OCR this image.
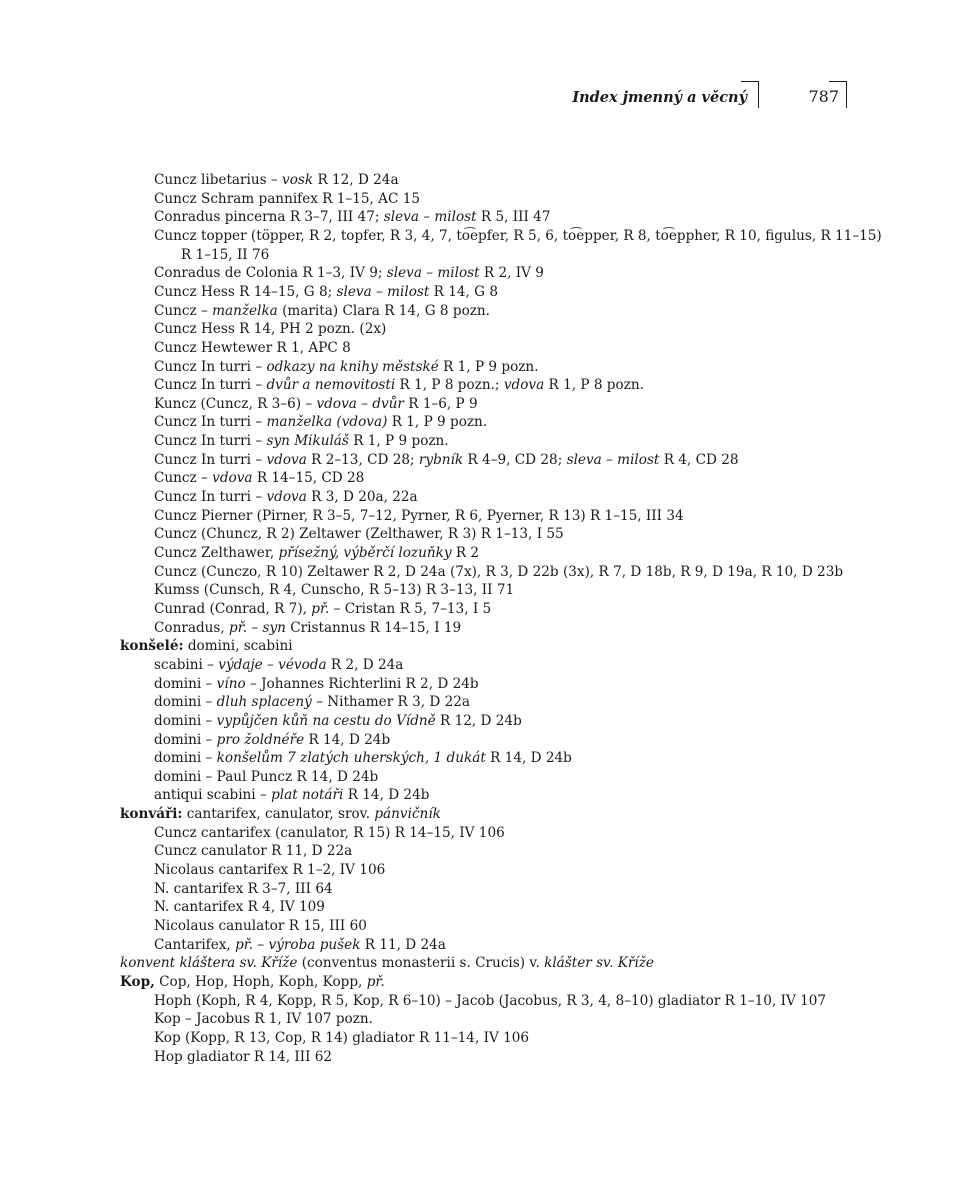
Index jmenný a věcný	787
Cuncz libetarius – vosk R 12, D 24a
Cuncz Schram pannifex R 1–15, AC 15
Conradus pincerna R 3–7, III 47; sleva – milost R 5, III 47
Cuncz topper (töpper, R 2, topfer, R 3, 4, 7, to͡epfer, R 5, 6, to͡epper, R 8, to͡eppher, R 10, figulus, R 11–15)
R 1–15, II 76
Conradus de Colonia R 1–3, IV 9; sleva – milost R 2, IV 9
Cuncz Hess R 14–15, G 8; sleva – milost R 14, G 8
Cuncz – manželka (marita) Clara R 14, G 8 pozn.
Cuncz Hess R 14, PH 2 pozn. (2x)
Cuncz Hewtewer R 1, APC 8
Cuncz In turri – odkazy na knihy městské R 1, P 9 pozn.
Cuncz In turri – dvůr a nemovitosti R 1, P 8 pozn.; vdova R 1, P 8 pozn.
Kuncz (Cuncz, R 3–6) – vdova – dvůr R 1–6, P 9
Cuncz In turri – manželka (vdova) R 1, P 9 pozn.
Cuncz In turri – syn Mikuláš R 1, P 9 pozn.
Cuncz In turri – vdova R 2–13, CD 28; rybník R 4–9, CD 28; sleva – milost R 4, CD 28
Cuncz – vdova R 14–15, CD 28
Cuncz In turri – vdova R 3, D 20a, 22a
Cuncz Pierner (Pirner, R 3–5, 7–12, Pyrner, R 6, Pyerner, R 13) R 1–15, III 34
Cuncz (Chuncz, R 2) Zeltawer (Zelthawer, R 3) R 1–13, I 55
Cuncz Zelthawer, přísežný, výběrčí lozuňky R 2
Cuncz (Cunczo, R 10) Zeltawer R 2, D 24a (7x), R 3, D 22b (3x), R 7, D 18b, R 9, D 19a, R 10, D 23b
Kumss (Cunsch, R 4, Cunscho, R 5–13) R 3–13, II 71
Cunrad (Conrad, R 7), př. – Cristan R 5, 7–13, I 5
Conradus, př. – syn Cristannus R 14–15, I 19
konšelé: domini, scabini
scabini – výdaje – vévoda R 2, D 24a
domini – víno – Johannes Richterlini R 2, D 24b
domini – dluh splacený – Nithamer R 3, D 22a
domini – vypůjčen kůň na cestu do Vídně R 12, D 24b
domini – pro žoldnéře R 14, D 24b
domini – konšelům 7 zlatých uherských, 1 dukát R 14, D 24b
domini – Paul Puncz R 14, D 24b
antiqui scabini – plat notáři R 14, D 24b
konváři: cantarifex, canulator, srov. pánvičník
Cuncz cantarifex (canulator, R 15) R 14–15, IV 106
Cuncz canulator R 11, D 22a
Nicolaus cantarifex R 1–2, IV 106
N. cantarifex R 3–7, III 64
N. cantarifex R 4, IV 109
Nicolaus canulator R 15, III 60
Cantarifex, př. – výroba pušek R 11, D 24a
konvent kláštera sv. Kříže (conventus monasterii s. Crucis) v. klášter sv. Kříže
Kop, Cop, Hop, Hoph, Koph, Kopp, př.
Hoph (Koph, R 4, Kopp, R 5, Kop, R 6–10) – Jacob (Jacobus, R 3, 4, 8–10) gladiator R 1–10, IV 107
Kop – Jacobus R 1, IV 107 pozn.
Kop (Kopp, R 13, Cop, R 14) gladiator R 11–14, IV 106
Hop gladiator R 14, III 62
